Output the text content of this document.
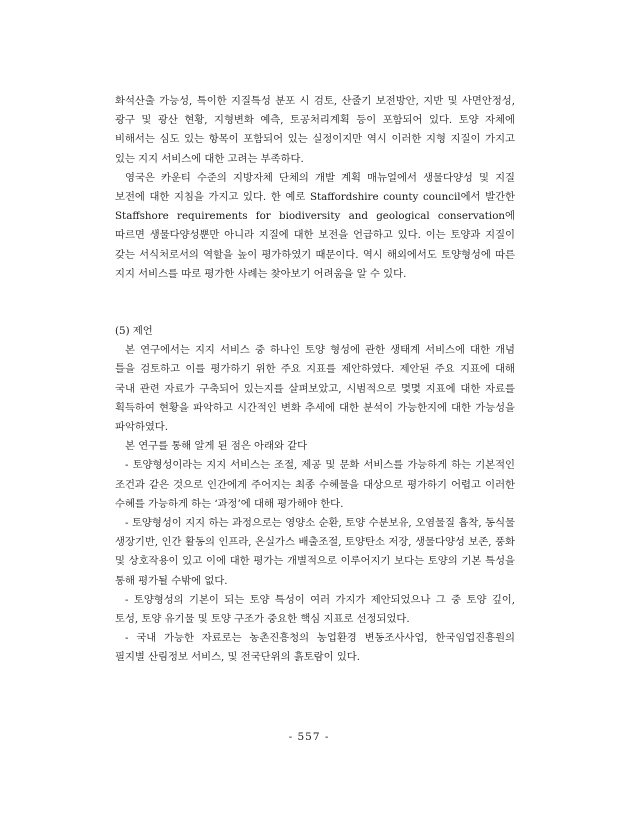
화석산출 가능성, 특이한 지질특성 분포 시 검토, 산줄기 보전방안, 지반 및 사면안정성, 광구 및 광산 현황, 지형변화 예측, 토공처리계획 등이 포함되어 있다. 토양 자체에 비해서는 심도 있는 항목이 포함되어 있는 실정이지만 역시 이러한 지형 지질이 가지고 있는 지지 서비스에 대한 고려는 부족하다.

영국은 카운티 수준의 지방자체 단체의 개발 계획 매뉴얼에서 생물다양성 및 지질 보전에 대한 지침을 가지고 있다. 한 예로 Staffordshire county council에서 발간한 Staffshore requirements for biodiversity and geological conservation에 따르면 생물다양성뿐만 아니라 지질에 대한 보전을 언급하고 있다. 이는 토양과 지질이 갖는 서식처로서의 역할을 높이 평가하였기 때문이다. 역시 해외에서도 토양형성에 따른 지지 서비스를 따로 평가한 사례는 찾아보기 어려움을 알 수 있다.

(5) 제언

본 연구에서는 지지 서비스 중 하나인 토양 형성에 관한 생태계 서비스에 대한 개념 틀을 검토하고 이를 평가하기 위한 주요 지표를 제안하였다. 제안된 주요 지표에 대해 국내 관련 자료가 구축되어 있는지를 살펴보았고, 시범적으로 몇몇 지표에 대한 자료를 획득하여 현황을 파악하고 시간적인 변화 추세에 대한 분석이 가능한지에 대한 가능성을 파악하였다.

본 연구를 통해 알게 된 점은 아래와 같다

- 토양형성이라는 지지 서비스는 조절, 제공 및 문화 서비스를 가능하게 하는 기본적인 조건과 같은 것으로 인간에게 주어지는 최종 수혜물을 대상으로 평가하기 어렵고 이러한 수혜를 가능하게 하는 ‘과정’에 대해 평가해야 한다.

- 토양형성이 지지 하는 과정으로는 영양소 순환, 토양 수분보유, 오염물질 흡착, 동식물 생장기반, 인간 활동의 인프라, 온실가스 배출조절, 토양탄소 저장, 생물다양성 보존, 풍화 및 상호작용이 있고 이에 대한 평가는 개별적으로 이루어지기 보다는 토양의 기본 특성을 통해 평가될 수밖에 없다.

- 토양형성의 기본이 되는 토양 특성이 여러 가지가 제안되었으나 그 중 토양 깊이, 토성, 토양 유기물 및 토양 구조가 중요한 핵심 지표로 선정되었다.

- 국내 가능한 자료로는 농촌진흥청의 농업환경 변동조사사업, 한국임업진흥원의 필지별 산림정보 서비스, 및 전국단위의 흙토람이 있다.

- 557 -
